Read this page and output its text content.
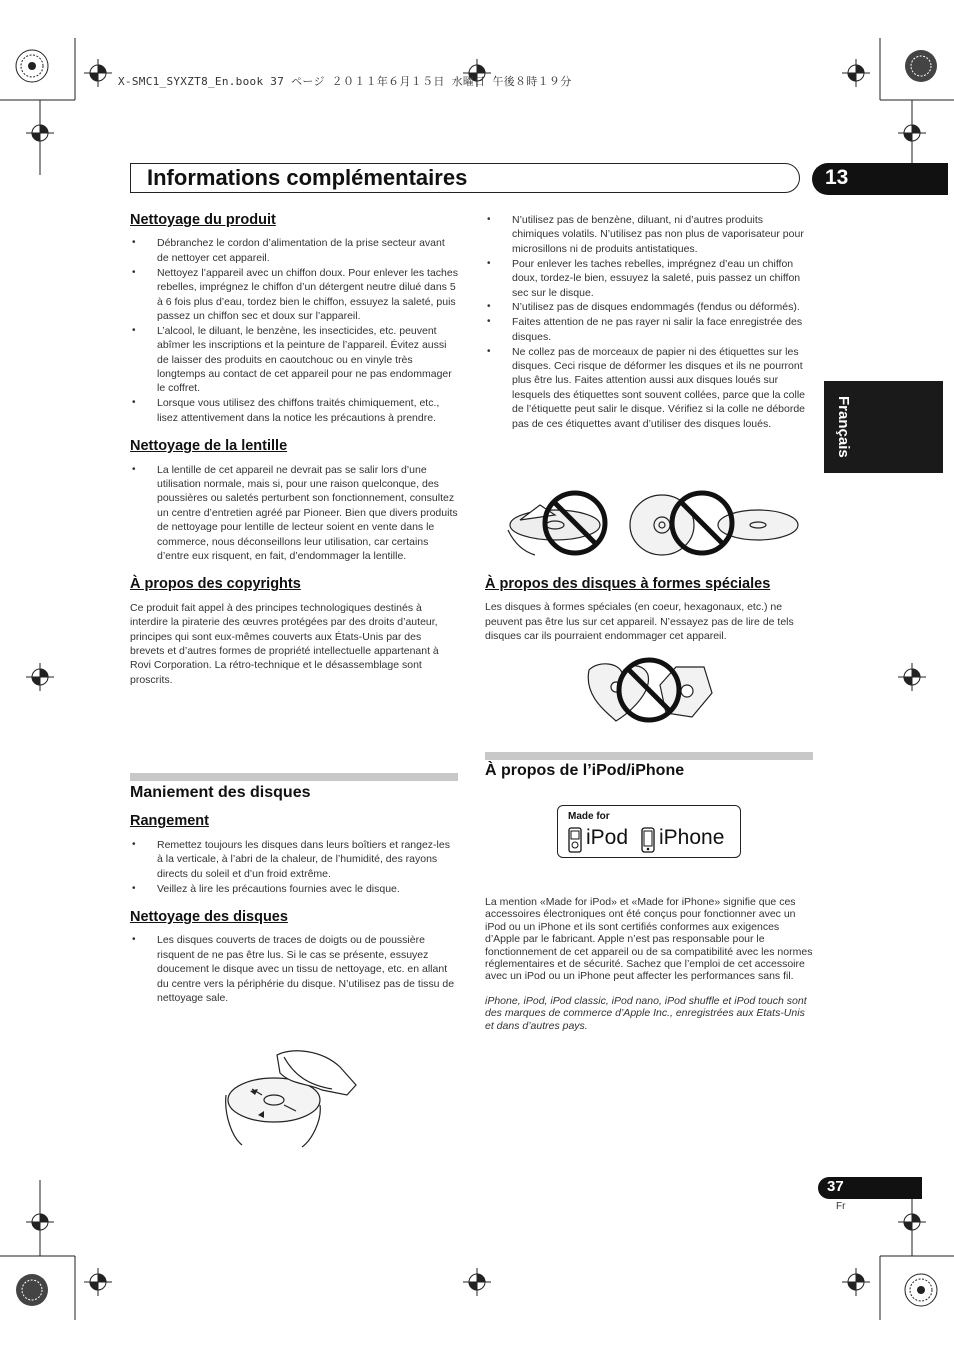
X-SMC1_SYXZT8_En.book 37 ページ ２０１１年６月１５日 水曜日 午後８時１９分
Informations complémentaires	13
Français
Nettoyage du produit
• Débranchez le cordon d’alimentation de la prise secteur avant de nettoyer cet appareil.
• Nettoyez l’appareil avec un chiffon doux. Pour enlever les taches rebelles, imprégnez le chiffon d’un détergent neutre dilué dans 5 à 6 fois plus d’eau, tordez bien le chiffon, essuyez la saleté, puis passez un chiffon sec et doux sur l’appareil.
• L’alcool, le diluant, le benzène, les insecticides, etc. peuvent abîmer les inscriptions et la peinture de l’appareil. Évitez aussi de laisser des produits en caoutchouc ou en vinyle très longtemps au contact de cet appareil pour ne pas endommager le coffret.
• Lorsque vous utilisez des chiffons traités chimiquement, etc., lisez attentivement dans la notice les précautions à prendre.
Nettoyage de la lentille
• La lentille de cet appareil ne devrait pas se salir lors d’une utilisation normale, mais si, pour une raison quelconque, des poussières ou saletés perturbent son fonctionnement, consultez un centre d’entretien agréé par Pioneer. Bien que divers produits de nettoyage pour lentille de lecteur soient en vente dans le commerce, nous déconseillons leur utilisation, car certains d’entre eux risquent, en fait, d’endommager la lentille.
À propos des copyrights

Ce produit fait appel à des principes technologiques destinés à interdire la piraterie des œuvres protégées par des droits d’auteur, principes qui sont eux-mêmes couverts aux États-Unis par des brevets et d’autres formes de propriété intellectuelle appartenant à Rovi Corporation. La rétro-technique et le désassemblage sont proscrits.

Maniement des disques
Rangement
• Remettez toujours les disques dans leurs boîtiers et rangez-les à la verticale, à l’abri de la chaleur, de l’humidité, des rayons directs du soleil et d’un froid extrême.
• Veillez à lire les précautions fournies avec le disque.
Nettoyage des disques
• Les disques couverts de traces de doigts ou de poussière risquent de ne pas être lus. Si le cas se présente, essuyez doucement le disque avec un tissu de nettoyage, etc. en allant du centre vers la périphérie du disque. N’utilisez pas de tissu de nettoyage sale.
• N’utilisez pas de benzène, diluant, ni d’autres produits chimiques volatils. N’utilisez pas non plus de vaporisateur pour microsillons ni de produits antistatiques.
• Pour enlever les taches rebelles, imprégnez d’eau un chiffon doux, tordez-le bien, essuyez la saleté, puis passez un chiffon sec sur le disque.
• N’utilisez pas de disques endommagés (fendus ou déformés).
• Faites attention de ne pas rayer ni salir la face enregistrée des disques.
• Ne collez pas de morceaux de papier ni des étiquettes sur les disques. Ceci risque de déformer les disques et ils ne pourront plus être lus. Faites attention aussi aux disques loués sur lesquels des étiquettes sont souvent collées, parce que la colle de l’étiquette peut salir le disque. Vérifiez si la colle ne déborde pas de ces étiquettes avant d’utiliser des disques loués.
À propos des disques à formes spéciales

Les disques à formes spéciales (en coeur, hexagonaux, etc.) ne peuvent pas être lus sur cet appareil. N’essayez pas de lire de tels disques car ils pourraient endommager cet appareil.

À propos de l’iPod/iPhone
Made for
iPod iPhone

La mention «Made for iPod» et «Made for iPhone» signifie que ces accessoires électroniques ont été conçus pour fonctionner avec un iPod ou un iPhone et ils sont certifiés conformes aux exigences d’Apple par le fabricant. Apple n’est pas responsable pour le fonctionnement de cet appareil ou de sa compatibilité avec les normes réglementaires et de sécurité. Sachez que l’emploi de cet accessoire avec un iPod ou un iPhone peut affecter les performances sans fil.

iPhone, iPod, iPod classic, iPod nano, iPod shuffle et iPod touch sont des marques de commerce d’Apple Inc., enregistrées aux Etats-Unis et dans d’autres pays.

37
Fr
